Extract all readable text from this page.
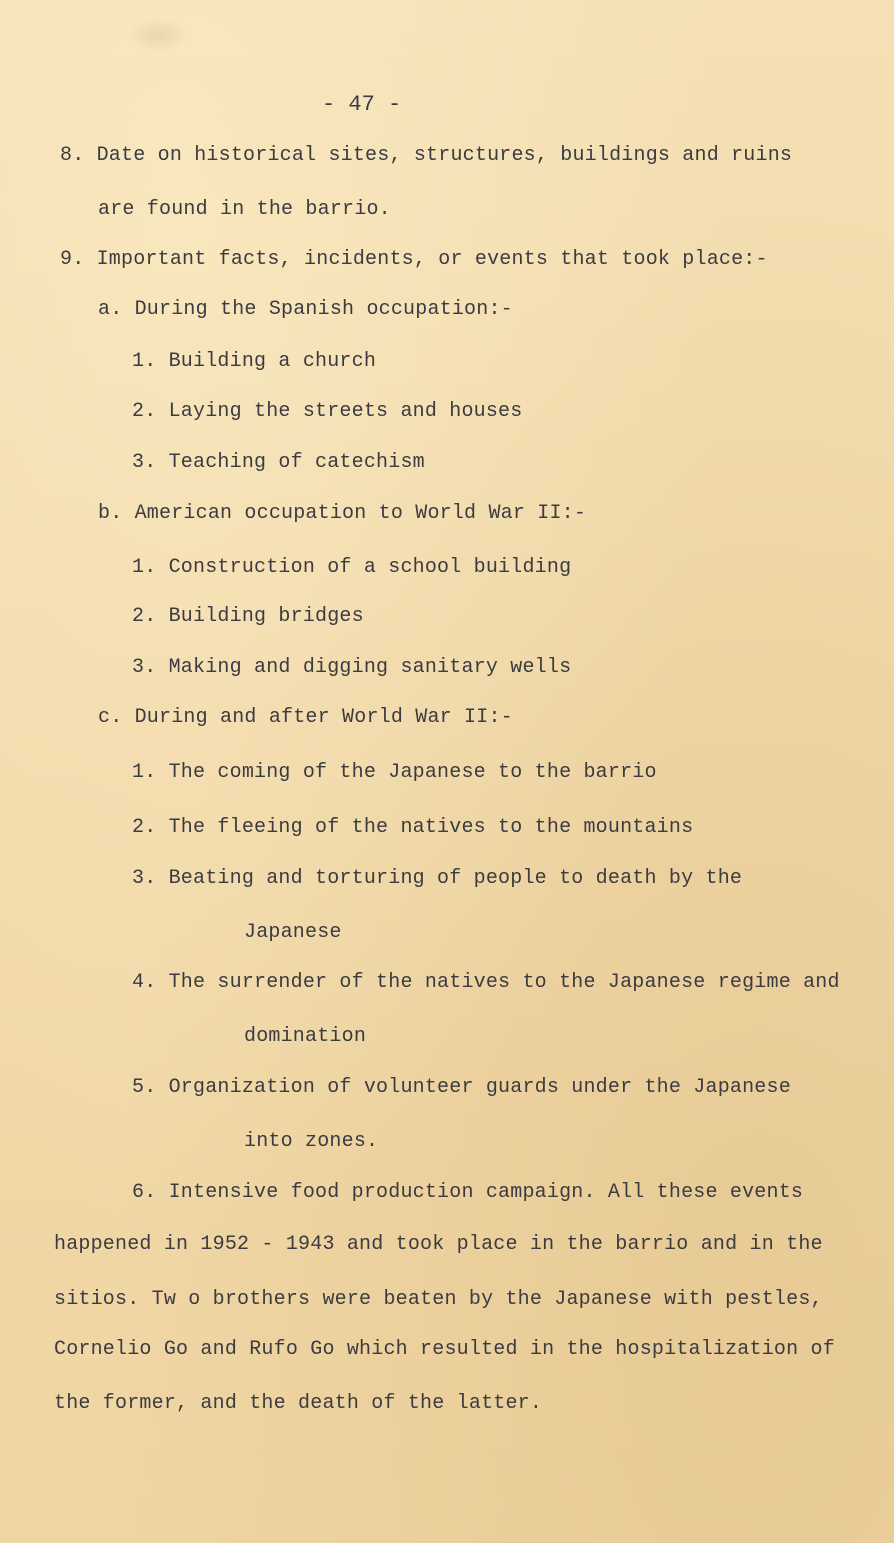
- 47 -
8. Date on historical sites, structures, buildings and ruins
are found in the barrio.
9. Important facts, incidents, or events that took place:-
a. During the Spanish occupation:-
1. Building a church
2. Laying the streets and houses
3. Teaching of catechism
b. American occupation to World War II:-
1. Construction of a school building
2. Building bridges
3. Making and digging sanitary wells
c. During and after World War II:-
1. The coming of the Japanese to the barrio
2. The fleeing of the natives to the mountains
3. Beating and torturing of people to death by the
Japanese
4. The surrender of the natives to the Japanese regime and
domination
5. Organization of volunteer guards under the Japanese
into zones.
6. Intensive food production campaign. All these events
happened in 1952 - 1943 and took place in the barrio and in the
sitios. Tw o brothers were beaten by the Japanese with pestles,
Cornelio Go and Rufo Go which resulted in the hospitalization of
the former, and the death of the latter.
